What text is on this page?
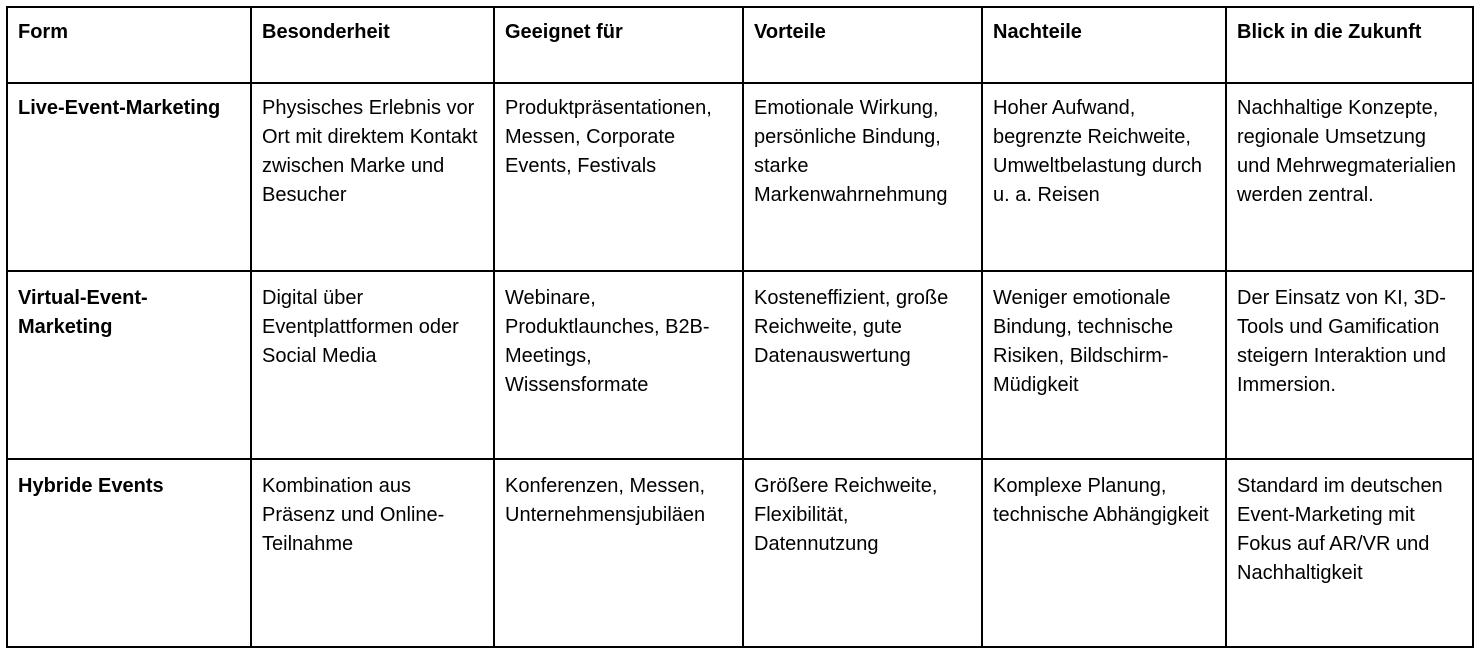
Form	Besonderheit	Geeignet für	Vorteile	Nachteile	Blick in die Zukunft
Live-Event-Marketing	Physisches Erlebnis vor Ort mit direktem Kontakt zwischen Marke und Besucher	Produktpräsentationen, Messen, Corporate Events, Festivals	Emotionale Wirkung, persönliche Bindung, starke Markenwahrnehmung	Hoher Aufwand, begrenzte Reichweite, Umweltbelastung durch u. a. Reisen	Nachhaltige Konzepte, regionale Umsetzung und Mehrwegmaterialien werden zentral.
Virtual-Event-Marketing	Digital über Eventplattformen oder Social Media	Webinare, Produktlaunches, B2B-Meetings, Wissensformate	Kosteneffizient, große Reichweite, gute Datenauswertung	Weniger emotionale Bindung, technische Risiken, Bildschirm-Müdigkeit	Der Einsatz von KI, 3D-Tools und Gamification steigern Interaktion und Immersion.
Hybride Events	Kombination aus Präsenz und Online-Teilnahme	Konferenzen, Messen, Unternehmensjubiläen	Größere Reichweite, Flexibilität, Datennutzung	Komplexe Planung, technische Abhängigkeit	Standard im deutschen Event-Marketing mit Fokus auf AR/VR und Nachhaltigkeit
